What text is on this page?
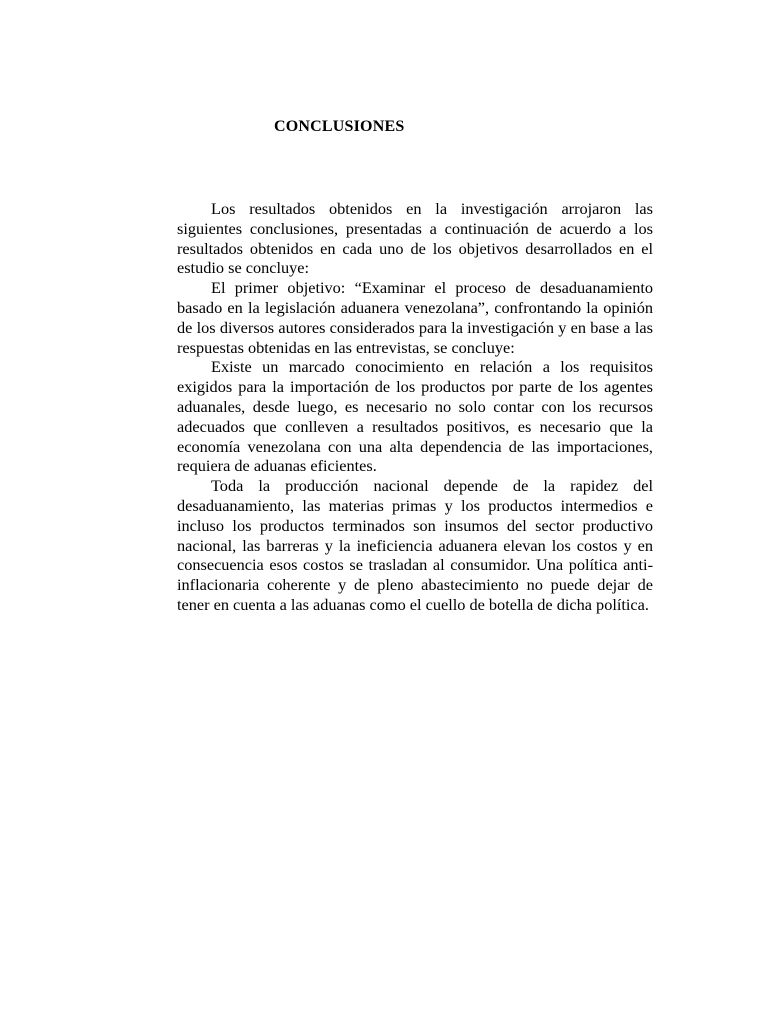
CONCLUSIONES

Los resultados obtenidos en la investigación arrojaron las siguientes conclusiones, presentadas a continuación de acuerdo a los resultados obtenidos en cada uno de los objetivos desarrollados en el estudio se concluye:

El primer objetivo: “Examinar el proceso de desaduanamiento basado en la legislación aduanera venezolana”, confrontando la opinión de los diversos autores considerados para la investigación y en base a las respuestas obtenidas en las entrevistas, se concluye:

Existe un marcado conocimiento en relación a los requisitos exigidos para la importación de los productos por parte de los agentes aduanales, desde luego, es necesario no solo contar con los recursos adecuados que conlleven a resultados positivos, es necesario que la economía venezolana con una alta dependencia de las importaciones, requiera de aduanas eficientes.

Toda la producción nacional depende de la rapidez del desaduanamiento, las materias primas y los productos intermedios e incluso los productos terminados son insumos del sector productivo nacional, las barreras y la ineficiencia aduanera elevan los costos y en consecuencia esos costos se trasladan al consumidor. Una política anti-inflacionaria coherente y de pleno abastecimiento no puede dejar de tener en cuenta a las aduanas como el cuello de botella de dicha política.
